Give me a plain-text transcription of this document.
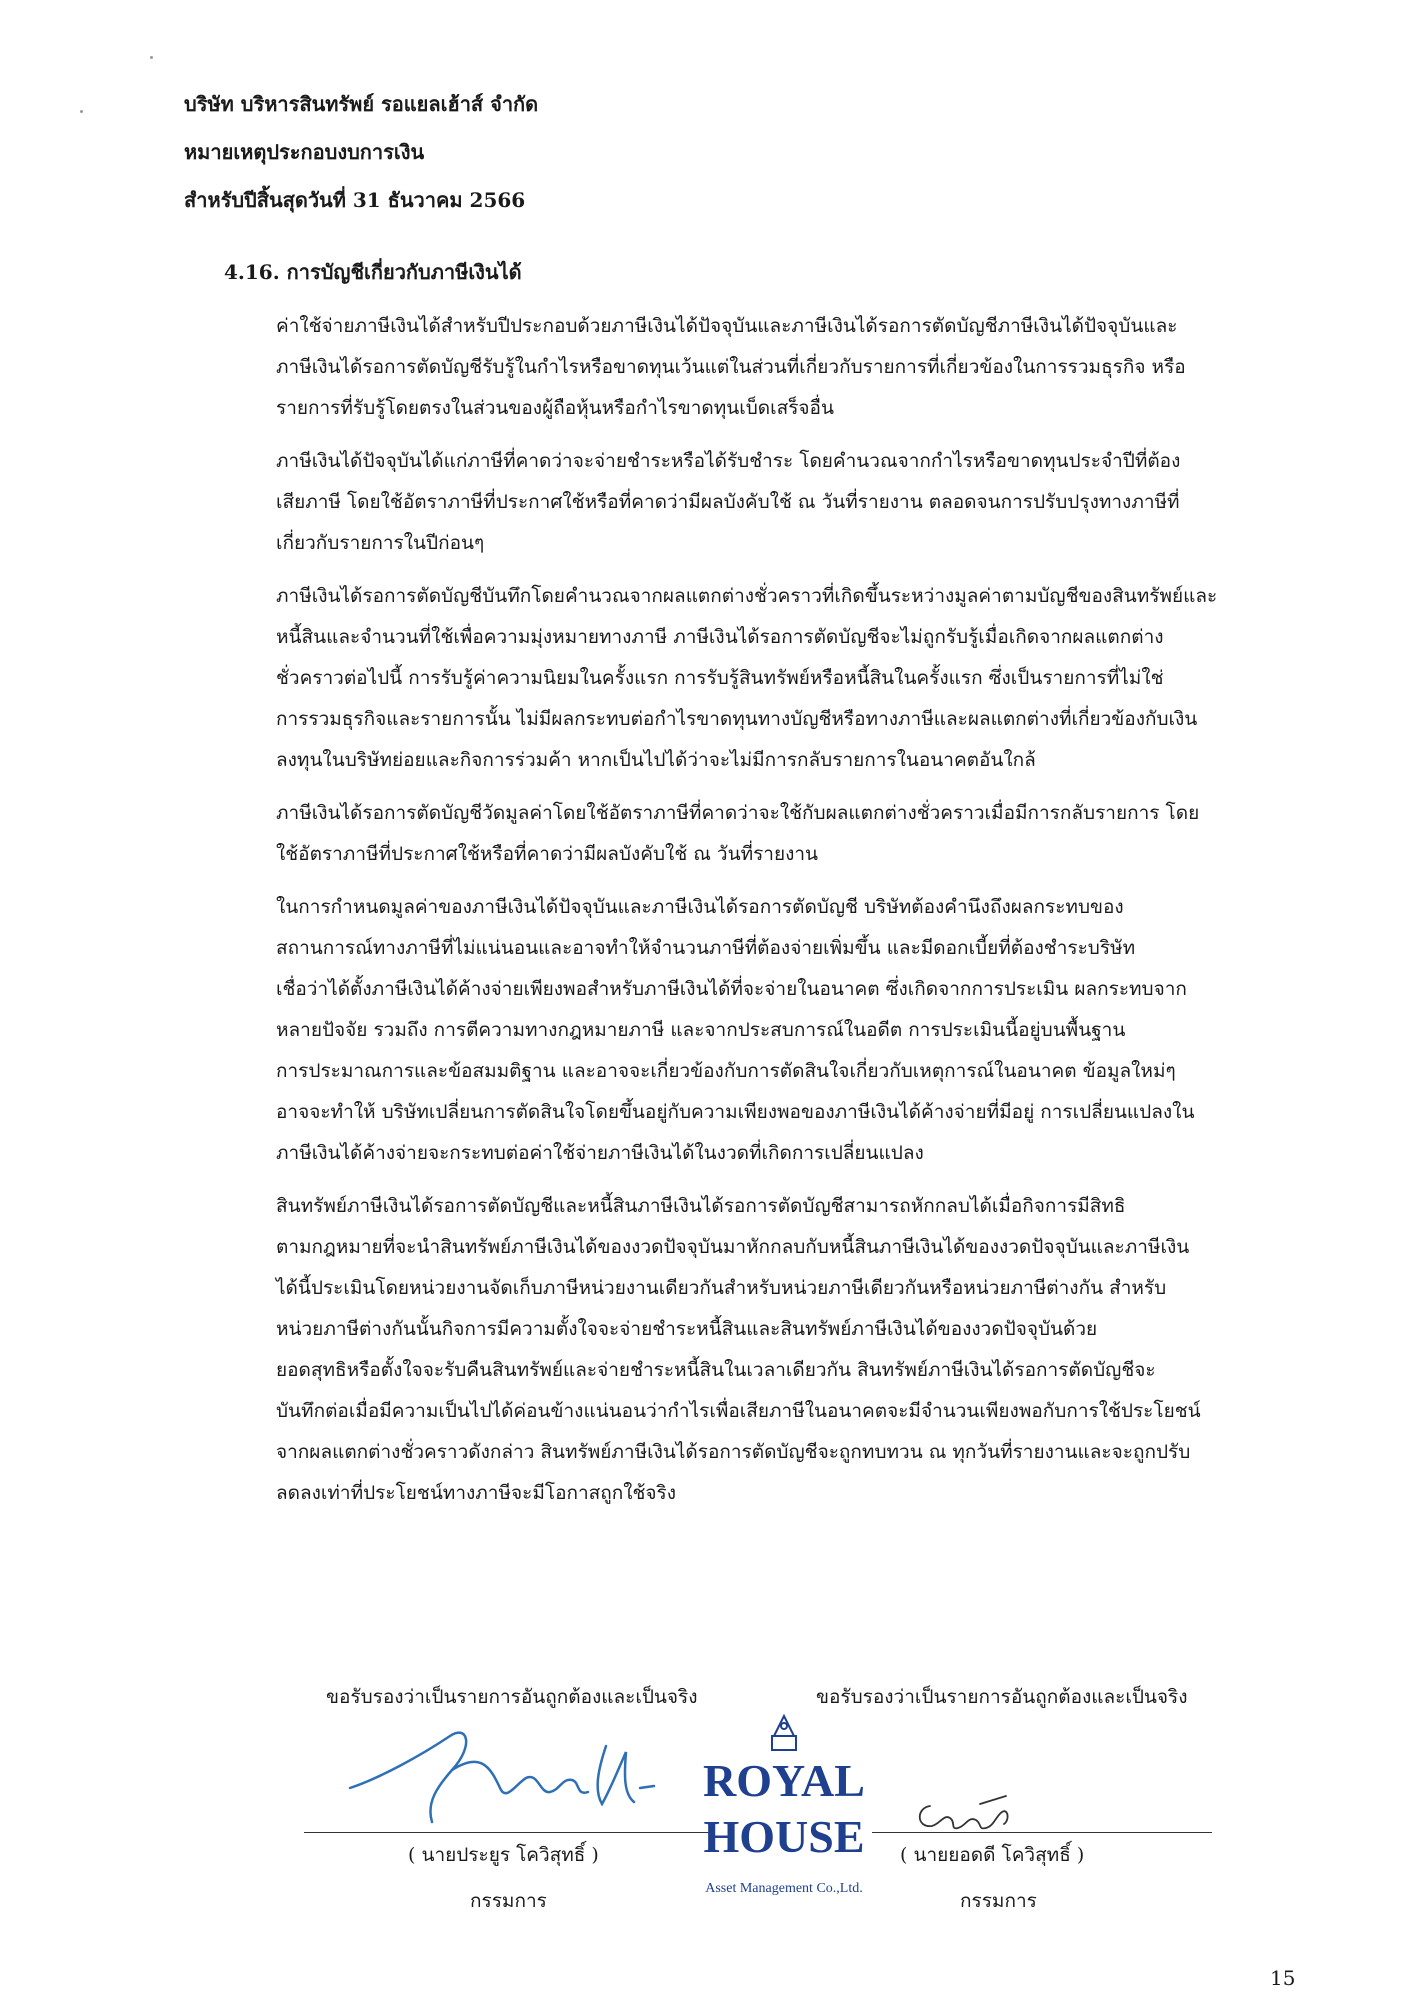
บริษัท บริหารสินทรัพย์ รอแยลเฮ้าส์ จำกัด
หมายเหตุประกอบงบการเงิน
สำหรับปีสิ้นสุดวันที่ 31 ธันวาคม 2566
4.16. การบัญชีเกี่ยวกับภาษีเงินได้

ค่าใช้จ่ายภาษีเงินได้สำหรับปีประกอบด้วยภาษีเงินได้ปัจจุบันและภาษีเงินได้รอการตัดบัญชีภาษีเงินได้ปัจจุบันและ

ภาษีเงินได้รอการตัดบัญชีรับรู้ในกำไรหรือขาดทุนเว้นแต่ในส่วนที่เกี่ยวกับรายการที่เกี่ยวข้องในการรวมธุรกิจ หรือ

รายการที่รับรู้โดยตรงในส่วนของผู้ถือหุ้นหรือกำไรขาดทุนเบ็ดเสร็จอื่น

ภาษีเงินได้ปัจจุบันได้แก่ภาษีที่คาดว่าจะจ่ายชำระหรือได้รับชำระ โดยคำนวณจากกำไรหรือขาดทุนประจำปีที่ต้อง

เสียภาษี โดยใช้อัตราภาษีที่ประกาศใช้หรือที่คาดว่ามีผลบังคับใช้ ณ วันที่รายงาน ตลอดจนการปรับปรุงทางภาษีที่

เกี่ยวกับรายการในปีก่อนๆ

ภาษีเงินได้รอการตัดบัญชีบันทึกโดยคำนวณจากผลแตกต่างชั่วคราวที่เกิดขึ้นระหว่างมูลค่าตามบัญชีของสินทรัพย์และ

หนี้สินและจำนวนที่ใช้เพื่อความมุ่งหมายทางภาษี ภาษีเงินได้รอการตัดบัญชีจะไม่ถูกรับรู้เมื่อเกิดจากผลแตกต่าง

ชั่วคราวต่อไปนี้ การรับรู้ค่าความนิยมในครั้งแรก การรับรู้สินทรัพย์หรือหนี้สินในครั้งแรก ซึ่งเป็นรายการที่ไม่ใช่

การรวมธุรกิจและรายการนั้น ไม่มีผลกระทบต่อกำไรขาดทุนทางบัญชีหรือทางภาษีและผลแตกต่างที่เกี่ยวข้องกับเงิน

ลงทุนในบริษัทย่อยและกิจการร่วมค้า หากเป็นไปได้ว่าจะไม่มีการกลับรายการในอนาคตอันใกล้

ภาษีเงินได้รอการตัดบัญชีวัดมูลค่าโดยใช้อัตราภาษีที่คาดว่าจะใช้กับผลแตกต่างชั่วคราวเมื่อมีการกลับรายการ โดย

ใช้อัตราภาษีที่ประกาศใช้หรือที่คาดว่ามีผลบังคับใช้ ณ วันที่รายงาน

ในการกำหนดมูลค่าของภาษีเงินได้ปัจจุบันและภาษีเงินได้รอการตัดบัญชี บริษัทต้องคำนึงถึงผลกระทบของ

สถานการณ์ทางภาษีที่ไม่แน่นอนและอาจทำให้จำนวนภาษีที่ต้องจ่ายเพิ่มขึ้น และมีดอกเบี้ยที่ต้องชำระบริษัท

เชื่อว่าได้ตั้งภาษีเงินได้ค้างจ่ายเพียงพอสำหรับภาษีเงินได้ที่จะจ่ายในอนาคต ซึ่งเกิดจากการประเมิน ผลกระทบจาก

หลายปัจจัย รวมถึง การตีความทางกฎหมายภาษี และจากประสบการณ์ในอดีต การประเมินนี้อยู่บนพื้นฐาน

การประมาณการและข้อสมมติฐาน และอาจจะเกี่ยวข้องกับการตัดสินใจเกี่ยวกับเหตุการณ์ในอนาคต ข้อมูลใหม่ๆ

อาจจะทำให้ บริษัทเปลี่ยนการตัดสินใจโดยขึ้นอยู่กับความเพียงพอของภาษีเงินได้ค้างจ่ายที่มีอยู่ การเปลี่ยนแปลงใน

ภาษีเงินได้ค้างจ่ายจะกระทบต่อค่าใช้จ่ายภาษีเงินได้ในงวดที่เกิดการเปลี่ยนแปลง

สินทรัพย์ภาษีเงินได้รอการตัดบัญชีและหนี้สินภาษีเงินได้รอการตัดบัญชีสามารถหักกลบได้เมื่อกิจการมีสิทธิ

ตามกฎหมายที่จะนำสินทรัพย์ภาษีเงินได้ของงวดปัจจุบันมาหักกลบกับหนี้สินภาษีเงินได้ของงวดปัจจุบันและภาษีเงิน

ได้นี้ประเมินโดยหน่วยงานจัดเก็บภาษีหน่วยงานเดียวกันสำหรับหน่วยภาษีเดียวกันหรือหน่วยภาษีต่างกัน สำหรับ

หน่วยภาษีต่างกันนั้นกิจการมีความตั้งใจจะจ่ายชำระหนี้สินและสินทรัพย์ภาษีเงินได้ของงวดปัจจุบันด้วย

ยอดสุทธิหรือตั้งใจจะรับคืนสินทรัพย์และจ่ายชำระหนี้สินในเวลาเดียวกัน สินทรัพย์ภาษีเงินได้รอการตัดบัญชีจะ

บันทึกต่อเมื่อมีความเป็นไปได้ค่อนข้างแน่นอนว่ากำไรเพื่อเสียภาษีในอนาคตจะมีจำนวนเพียงพอกับการใช้ประโยชน์

จากผลแตกต่างชั่วคราวดังกล่าว สินทรัพย์ภาษีเงินได้รอการตัดบัญชีจะถูกทบทวน ณ ทุกวันที่รายงานและจะถูกปรับ

ลดลงเท่าที่ประโยชน์ทางภาษีจะมีโอกาสถูกใช้จริง

ขอรับรองว่าเป็นรายการอันถูกต้องและเป็นจริง
( นายประยูร โควิสุทธิ์ )
กรรมการ
ROYAL
HOUSE
Asset Management Co.,Ltd.
ขอรับรองว่าเป็นรายการอันถูกต้องและเป็นจริง
( นายยอดดี โควิสุทธิ์ )
กรรมการ
15
